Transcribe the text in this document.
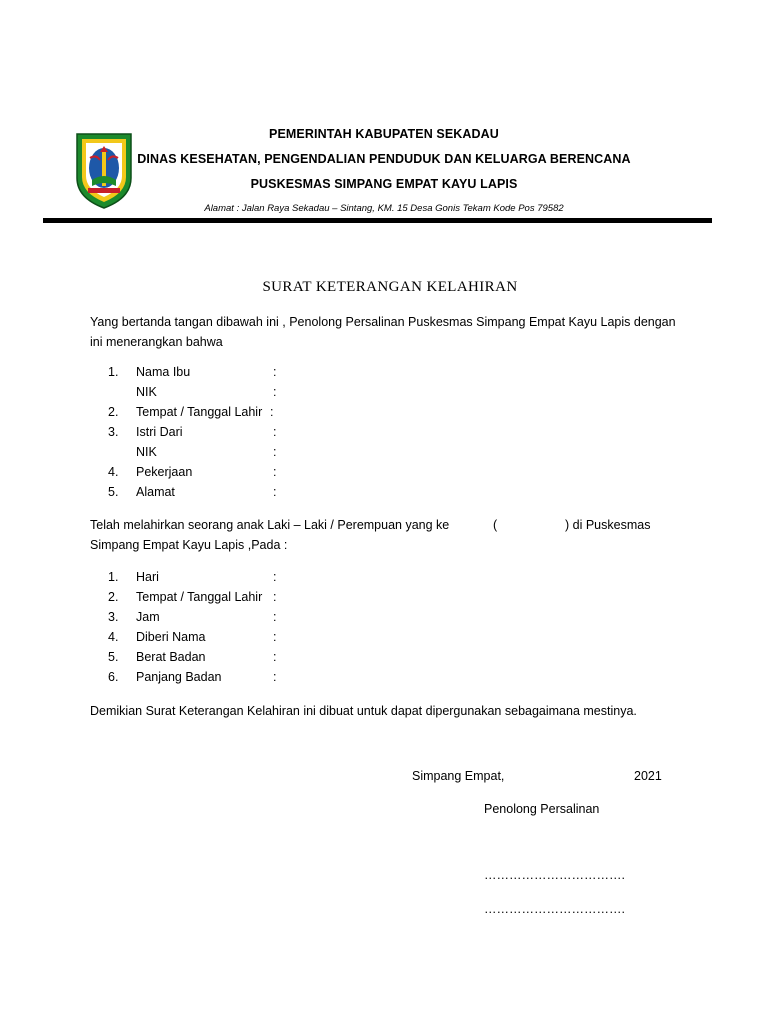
PEMERINTAH KABUPATEN SEKADAU
DINAS KESEHATAN, PENGENDALIAN PENDUDUK DAN KELUARGA BERENCANA
PUSKESMAS SIMPANG EMPAT KAYU LAPIS
Alamat : Jalan Raya Sekadau – Sintang, KM. 15 Desa Gonis Tekam Kode Pos 79582
SURAT KETERANGAN KELAHIRAN
Yang bertanda tangan dibawah ini , Penolong Persalinan Puskesmas Simpang Empat Kayu Lapis dengan
ini menerangkan bahwa
1.	Nama Ibu	:
NIK	:
2.	Tempat / Tanggal Lahir :
3.	Istri Dari	:
NIK	:
4.	Pekerjaan	:
5.	Alamat	:
Telah melahirkan seorang anak Laki – Laki / Perempuan yang ke	(	) di Puskesmas
Simpang Empat Kayu Lapis ,Pada :
1.	Hari	:
2.	Tempat / Tanggal Lahir :
3.	Jam	:
4.	Diberi Nama	:
5.	Berat Badan	:
6.	Panjang Badan	:
Demikian Surat Keterangan Kelahiran ini dibuat untuk dapat dipergunakan sebagaimana mestinya.
Simpang Empat,	2021
Penolong Persalinan
…………………………….
…………………………….
